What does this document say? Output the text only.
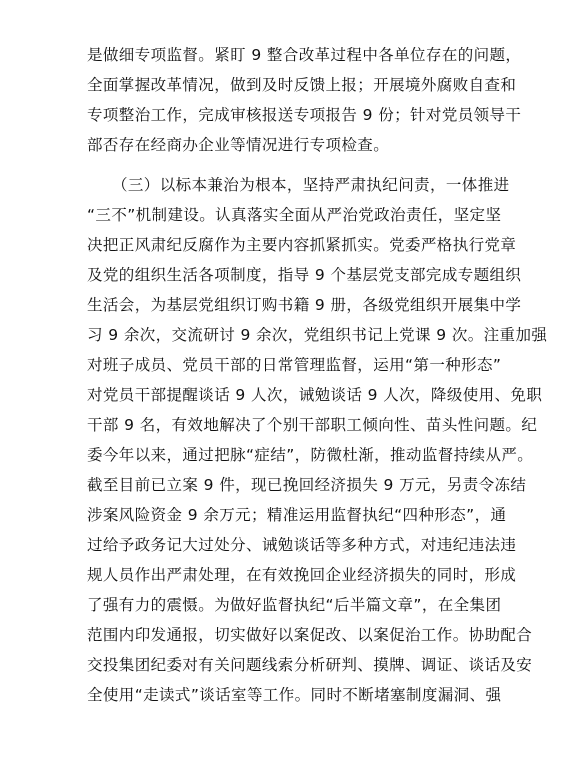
是做细专项监督。紧盯 9 整合改革过程中各单位存在的问题，
全面掌握改革情况，做到及时反馈上报；开展境外腐败自查和
专项整治工作，完成审核报送专项报告 9 份；针对党员领导干
部否存在经商办企业等情况进行专项检查。
（三）以标本兼治为根本，坚持严肃执纪问责，一体推进
“三不”机制建设。认真落实全面从严治党政治责任，坚定坚
决把正风肃纪反腐作为主要内容抓紧抓实。党委严格执行党章
及党的组织生活各项制度，指导 9 个基层党支部完成专题组织
生活会，为基层党组织订购书籍 9 册，各级党组织开展集中学
习 9 余次，交流研讨 9 余次，党组织书记上党课 9 次。注重加强
对班子成员、党员干部的日常管理监督，运用“第一种形态”
对党员干部提醒谈话 9 人次，诫勉谈话 9 人次，降级使用、免职
干部 9 名，有效地解决了个别干部职工倾向性、苗头性问题。纪
委今年以来，通过把脉“症结”，防微杜渐，推动监督持续从严。
截至目前已立案 9 件，现已挽回经济损失 9 万元，另责令冻结
涉案风险资金 9 余万元；精准运用监督执纪“四种形态”，通
过给予政务记大过处分、诫勉谈话等多种方式，对违纪违法违
规人员作出严肃处理，在有效挽回企业经济损失的同时，形成
了强有力的震慑。为做好监督执纪“后半篇文章”，在全集团
范围内印发通报，切实做好以案促改、以案促治工作。协助配合
交投集团纪委对有关问题线索分析研判、摸牌、调证、谈话及安
全使用“走读式”谈话室等工作。同时不断堵塞制度漏洞、强
